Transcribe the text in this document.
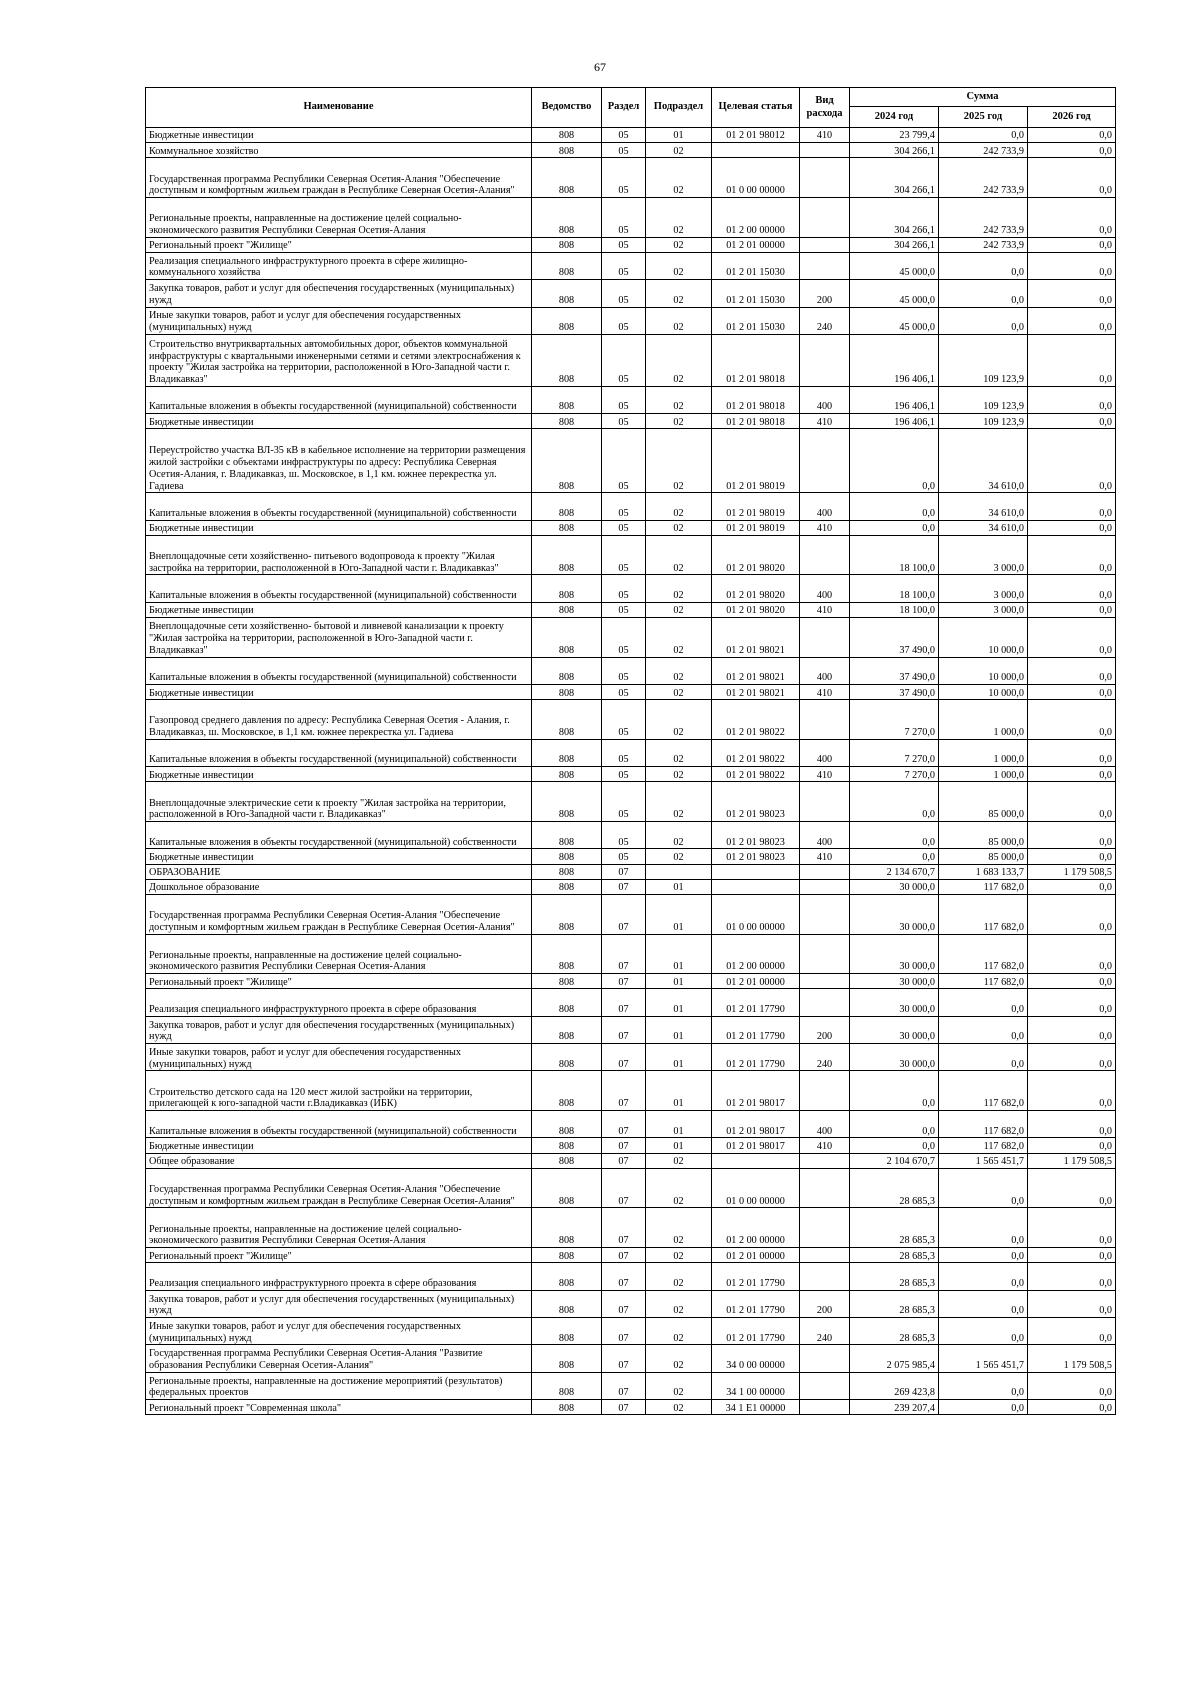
67
Наименование	Ведомство	Раздел	Подраздел	Целевая статья	Вид расхода	Сумма		
						2024 год	2025 год	2026 год
Бюджетные инвестиции	808	05	01	01 2 01 98012	410	23 799,4	0,0	0,0
Коммунальное хозяйство	808	05	02			304 266,1	242 733,9	0,0
Государственная программа Республики Северная Осетия-Алания "Обеспечение доступным и комфортным жильем граждан в Республике Северная Осетия-Алания"	808	05	02	01 0 00 00000		304 266,1	242 733,9	0,0
Региональные проекты, направленные на достижение целей социально-экономического развития Республики Северная Осетия-Алания	808	05	02	01 2 00 00000		304 266,1	242 733,9	0,0
Региональный проект "Жилище"	808	05	02	01 2 01 00000		304 266,1	242 733,9	0,0
Реализация специального инфраструктурного проекта в сфере жилищно-коммунального хозяйства	808	05	02	01 2 01 15030		45 000,0	0,0	0,0
Закупка товаров, работ и услуг для обеспечения государственных (муниципальных) нужд	808	05	02	01 2 01 15030	200	45 000,0	0,0	0,0
Иные закупки товаров, работ и услуг для обеспечения государственных (муниципальных) нужд	808	05	02	01 2 01 15030	240	45 000,0	0,0	0,0
Строительство внутриквартальных автомобильных дорог, объектов коммунальной инфраструктуры с квартальными инженерными сетями и сетями электроснабжения к проекту "Жилая застройка на территории, расположенной в Юго-Западной части г. Владикавказ"	808	05	02	01 2 01 98018		196 406,1	109 123,9	0,0
Капитальные вложения в объекты государственной (муниципальной) собственности	808	05	02	01 2 01 98018	400	196 406,1	109 123,9	0,0
Бюджетные инвестиции	808	05	02	01 2 01 98018	410	196 406,1	109 123,9	0,0
Переустройство участка ВЛ-35 кВ в кабельное исполнение на территории размещения жилой застройки с объектами инфраструктуры по адресу: Республика Северная Осетия-Алания, г. Владикавказ, ш. Московское, в 1,1 км. южнее перекрестка ул. Гадиева	808	05	02	01 2 01 98019		0,0	34 610,0	0,0
Капитальные вложения в объекты государственной (муниципальной) собственности	808	05	02	01 2 01 98019	400	0,0	34 610,0	0,0
Бюджетные инвестиции	808	05	02	01 2 01 98019	410	0,0	34 610,0	0,0
Внеплощадочные сети хозяйственно- питьевого водопровода к проекту "Жилая застройка на территории, расположенной в Юго-Западной части г. Владикавказ"	808	05	02	01 2 01 98020		18 100,0	3 000,0	0,0
Капитальные вложения в объекты государственной (муниципальной) собственности	808	05	02	01 2 01 98020	400	18 100,0	3 000,0	0,0
Бюджетные инвестиции	808	05	02	01 2 01 98020	410	18 100,0	3 000,0	0,0
Внеплощадочные сети хозяйственно- бытовой и ливневой канализации к проекту "Жилая застройка на территории, расположенной в Юго-Западной части г. Владикавказ"	808	05	02	01 2 01 98021		37 490,0	10 000,0	0,0
Капитальные вложения в объекты государственной (муниципальной) собственности	808	05	02	01 2 01 98021	400	37 490,0	10 000,0	0,0
Бюджетные инвестиции	808	05	02	01 2 01 98021	410	37 490,0	10 000,0	0,0
Газопровод среднего давления по адресу: Республика Северная Осетия - Алания, г. Владикавказ, ш. Московское, в 1,1 км. южнее перекрестка ул. Гадиева	808	05	02	01 2 01 98022		7 270,0	1 000,0	0,0
Капитальные вложения в объекты государственной (муниципальной) собственности	808	05	02	01 2 01 98022	400	7 270,0	1 000,0	0,0
Бюджетные инвестиции	808	05	02	01 2 01 98022	410	7 270,0	1 000,0	0,0
Внеплощадочные электрические сети к проекту "Жилая застройка на территории, расположенной в Юго-Западной части г. Владикавказ"	808	05	02	01 2 01 98023		0,0	85 000,0	0,0
Капитальные вложения в объекты государственной (муниципальной) собственности	808	05	02	01 2 01 98023	400	0,0	85 000,0	0,0
Бюджетные инвестиции	808	05	02	01 2 01 98023	410	0,0	85 000,0	0,0
ОБРАЗОВАНИЕ	808	07				2 134 670,7	1 683 133,7	1 179 508,5
Дошкольное образование	808	07	01			30 000,0	117 682,0	0,0
Государственная программа Республики Северная Осетия-Алания "Обеспечение доступным и комфортным жильем граждан в Республике Северная Осетия-Алания"	808	07	01	01 0 00 00000		30 000,0	117 682,0	0,0
Региональные проекты, направленные на достижение целей социально-экономического развития Республики Северная Осетия-Алания	808	07	01	01 2 00 00000		30 000,0	117 682,0	0,0
Региональный проект "Жилище"	808	07	01	01 2 01 00000		30 000,0	117 682,0	0,0
Реализация специального инфраструктурного проекта в сфере образования	808	07	01	01 2 01 17790		30 000,0	0,0	0,0
Закупка товаров, работ и услуг для обеспечения государственных (муниципальных) нужд	808	07	01	01 2 01 17790	200	30 000,0	0,0	0,0
Иные закупки товаров, работ и услуг для обеспечения государственных (муниципальных) нужд	808	07	01	01 2 01 17790	240	30 000,0	0,0	0,0
Строительство детского сада на 120 мест жилой застройки на территории, прилегающей к юго-западной части г.Владикавказ (ИБК)	808	07	01	01 2 01 98017		0,0	117 682,0	0,0
Капитальные вложения в объекты государственной (муниципальной) собственности	808	07	01	01 2 01 98017	400	0,0	117 682,0	0,0
Бюджетные инвестиции	808	07	01	01 2 01 98017	410	0,0	117 682,0	0,0
Общее образование	808	07	02			2 104 670,7	1 565 451,7	1 179 508,5
Государственная программа Республики Северная Осетия-Алания "Обеспечение доступным и комфортным жильем граждан в Республике Северная Осетия-Алания"	808	07	02	01 0 00 00000		28 685,3	0,0	0,0
Региональные проекты, направленные на достижение целей социально-экономического развития Республики Северная Осетия-Алания	808	07	02	01 2 00 00000		28 685,3	0,0	0,0
Региональный проект "Жилище"	808	07	02	01 2 01 00000		28 685,3	0,0	0,0
Реализация специального инфраструктурного проекта в сфере образования	808	07	02	01 2 01 17790		28 685,3	0,0	0,0
Закупка товаров, работ и услуг для обеспечения государственных (муниципальных) нужд	808	07	02	01 2 01 17790	200	28 685,3	0,0	0,0
Иные закупки товаров, работ и услуг для обеспечения государственных (муниципальных) нужд	808	07	02	01 2 01 17790	240	28 685,3	0,0	0,0
Государственная программа Республики Северная Осетия-Алания "Развитие образования Республики Северная Осетия-Алания"	808	07	02	34 0 00 00000		2 075 985,4	1 565 451,7	1 179 508,5
Региональные проекты, направленные на достижение мероприятий (результатов) федеральных проектов	808	07	02	34 1 00 00000		269 423,8	0,0	0,0
Региональный проект "Современная школа"	808	07	02	34 1 E1 00000		239 207,4	0,0	0,0
